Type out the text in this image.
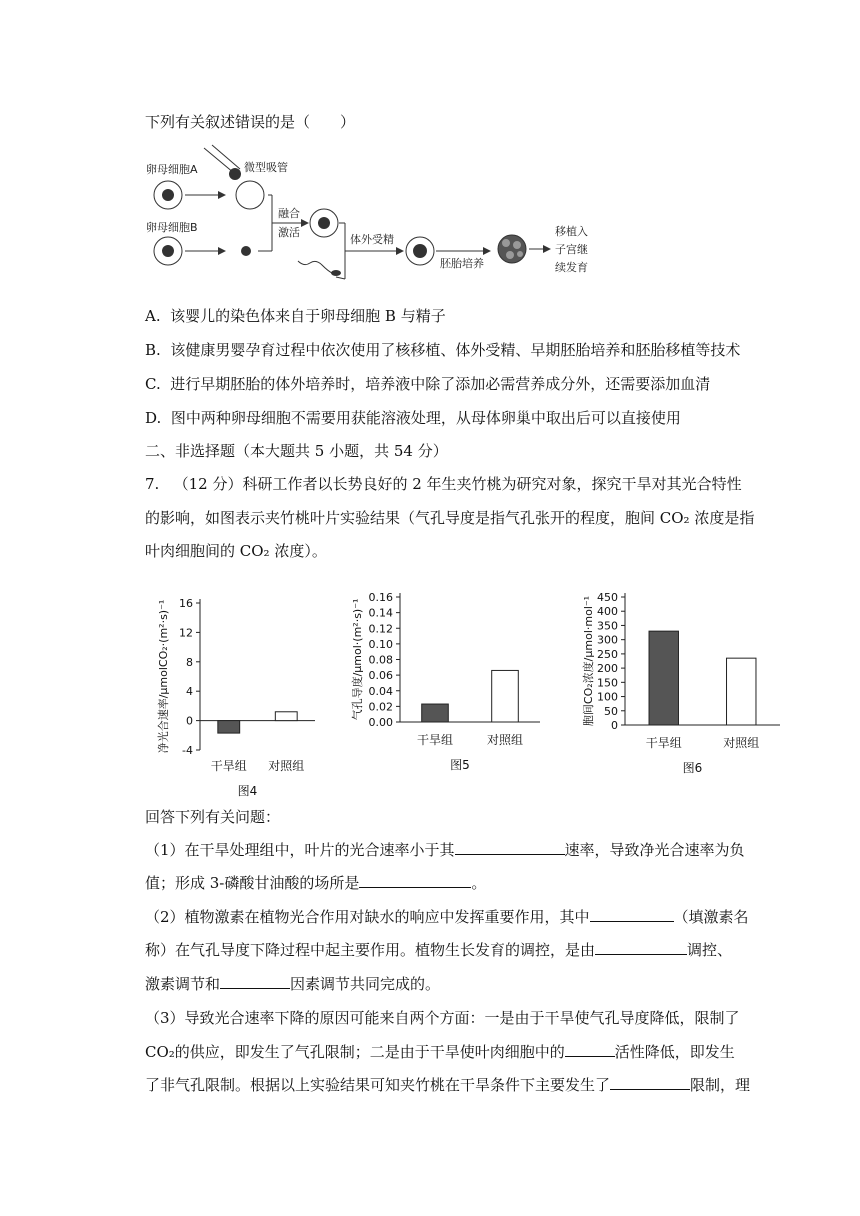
下列有关叙述错误的是（　　）
卵母细胞A
卵母细胞B
微型吸管
融合
激活
体外受精
胚胎培养
移植入
子宫继
续发育
A. 该婴儿的染色体来自于卵母细胞 B 与精子
B. 该健康男婴孕育过程中依次使用了核移植、体外受精、早期胚胎培养和胚胎移植等技术
C. 进行早期胚胎的体外培养时，培养液中除了添加必需营养成分外，还需要添加血清
D. 图中两种卵母细胞不需要用获能溶液处理，从母体卵巢中取出后可以直接使用
二、非选择题（本大题共 5 小题，共 54 分）
7. （12 分）科研工作者以长势良好的 2 年生夹竹桃为研究对象，探究干旱对其光合特性
的影响，如图表示夹竹桃叶片实验结果（气孔导度是指气孔张开的程度，胞间 CO₂ 浓度是指
叶肉细胞间的 CO₂ 浓度）。
-4
0
4
8
12
16
净光合速率/μmolCO₂·(m²·s)⁻¹
干旱组 对照组
图4
0.00
0.02
0.04
0.06
0.08
0.10
0.12
0.14
0.16
气孔导度/μmol·(m²·s)⁻¹
干旱组	对照组
图5
0
50
100
150
200
250
300
350
400
450
胞间CO₂浓度/μmol·mol⁻¹
干旱组	对照组
图6
回答下列有关问题：
（1）在干旱处理组中，叶片的光合速率小于其	速率，导致净光合速率为负
值；形成 3-磷酸甘油酸的场所是	。
（2）植物激素在植物光合作用对缺水的响应中发挥重要作用，其中	（填激素名
称）在气孔导度下降过程中起主要作用。植物生长发育的调控，是由	调控、
激素调节和	因素调节共同完成的。
（3）导致光合速率下降的原因可能来自两个方面：一是由于干旱使气孔导度降低，限制了
CO₂的供应，即发生了气孔限制；二是由于干旱使叶肉细胞中的	活性降低，即发生
了非气孔限制。根据以上实验结果可知夹竹桃在干旱条件下主要发生了	限制，理
